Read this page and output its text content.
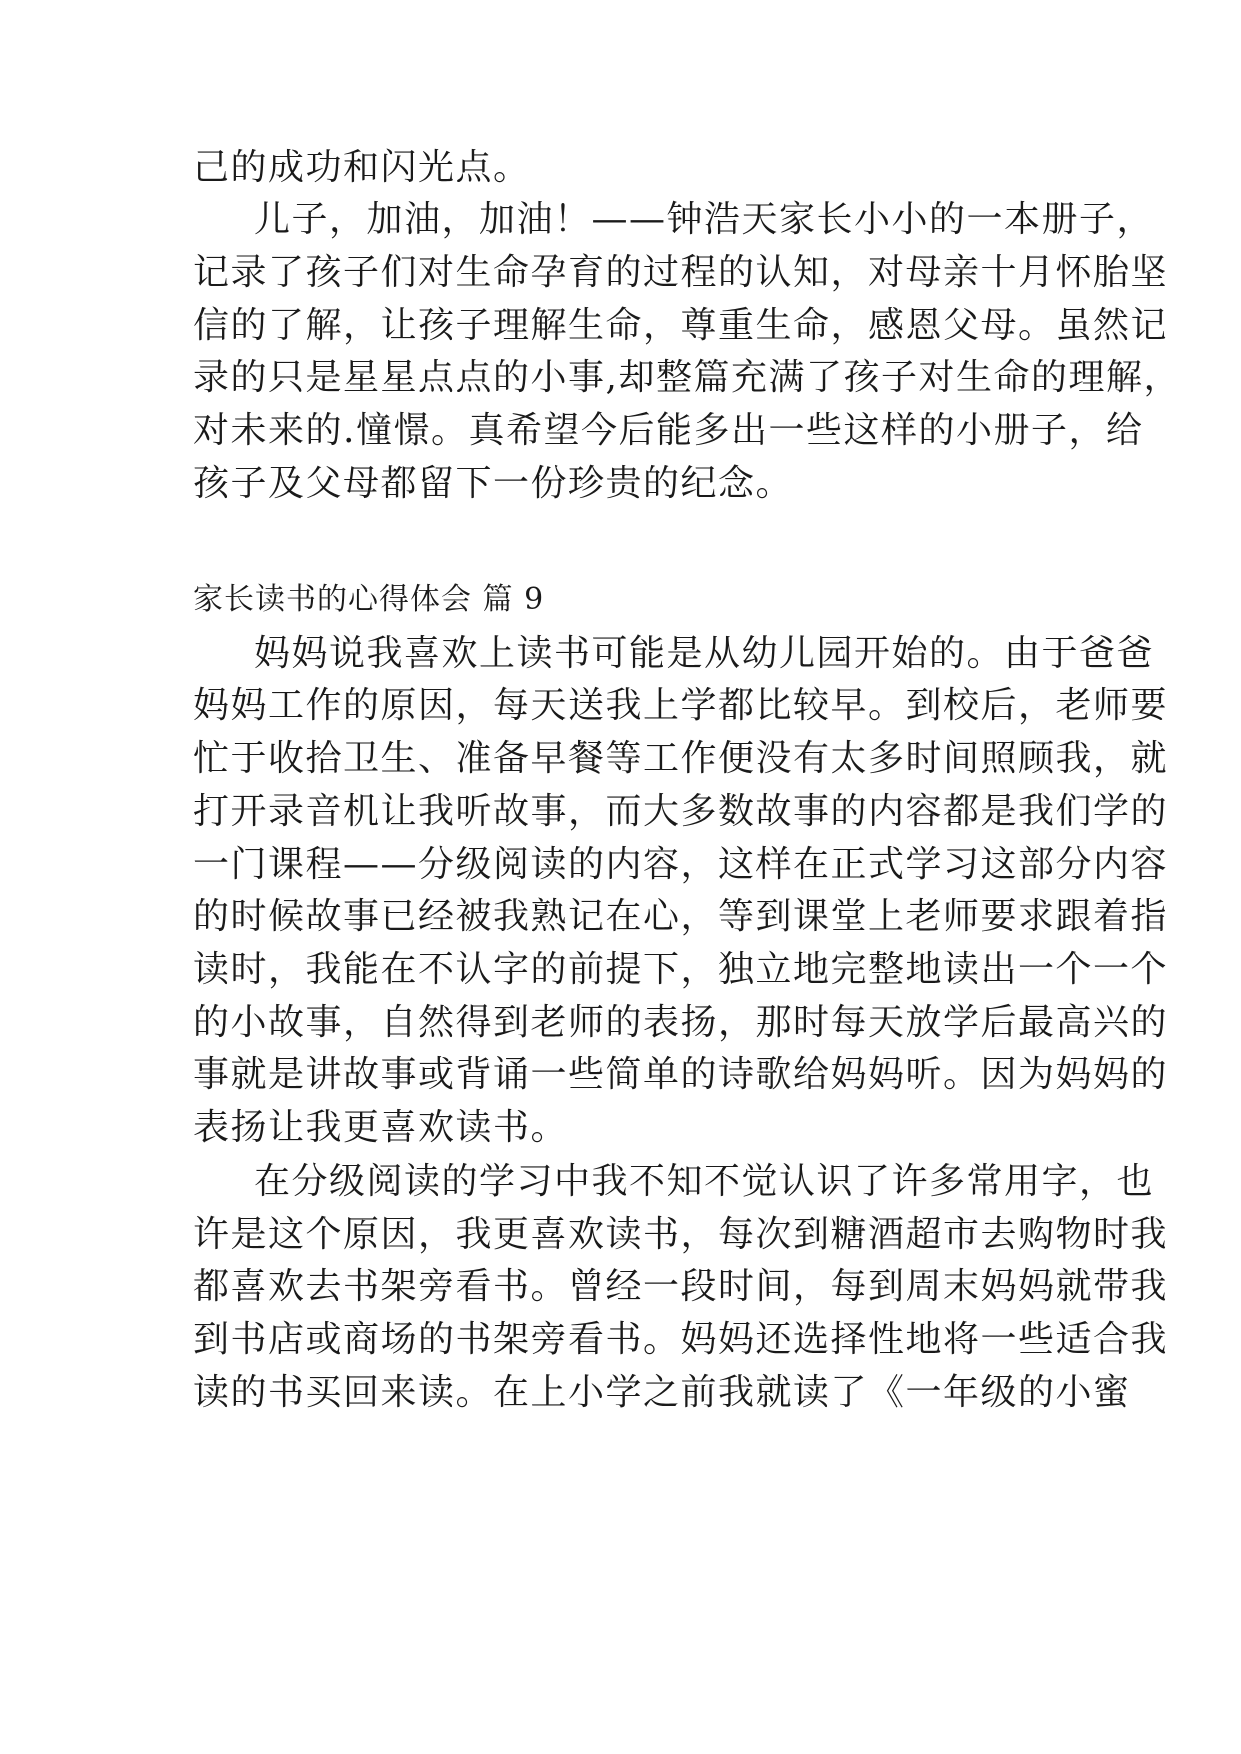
己的成功和闪光点。
儿子，加油，加油！——钟浩天家长小小的一本册子，
记录了孩子们对生命孕育的过程的认知，对母亲十月怀胎坚
信的了解，让孩子理解生命，尊重生命，感恩父母。虽然记
录的只是星星点点的小事,却整篇充满了孩子对生命的理解，
对未来的.憧憬。真希望今后能多出一些这样的小册子，给
孩子及父母都留下一份珍贵的纪念。
家长读书的心得体会 篇 9
妈妈说我喜欢上读书可能是从幼儿园开始的。由于爸爸
妈妈工作的原因，每天送我上学都比较早。到校后，老师要
忙于收拾卫生、准备早餐等工作便没有太多时间照顾我，就
打开录音机让我听故事，而大多数故事的内容都是我们学的
一门课程——分级阅读的内容，这样在正式学习这部分内容
的时候故事已经被我熟记在心，等到课堂上老师要求跟着指
读时，我能在不认字的前提下，独立地完整地读出一个一个
的小故事，自然得到老师的表扬，那时每天放学后最高兴的
事就是讲故事或背诵一些简单的诗歌给妈妈听。因为妈妈的
表扬让我更喜欢读书。
在分级阅读的学习中我不知不觉认识了许多常用字，也
许是这个原因，我更喜欢读书，每次到糖酒超市去购物时我
都喜欢去书架旁看书。曾经一段时间，每到周末妈妈就带我
到书店或商场的书架旁看书。妈妈还选择性地将一些适合我
读的书买回来读。在上小学之前我就读了《一年级的小蜜
